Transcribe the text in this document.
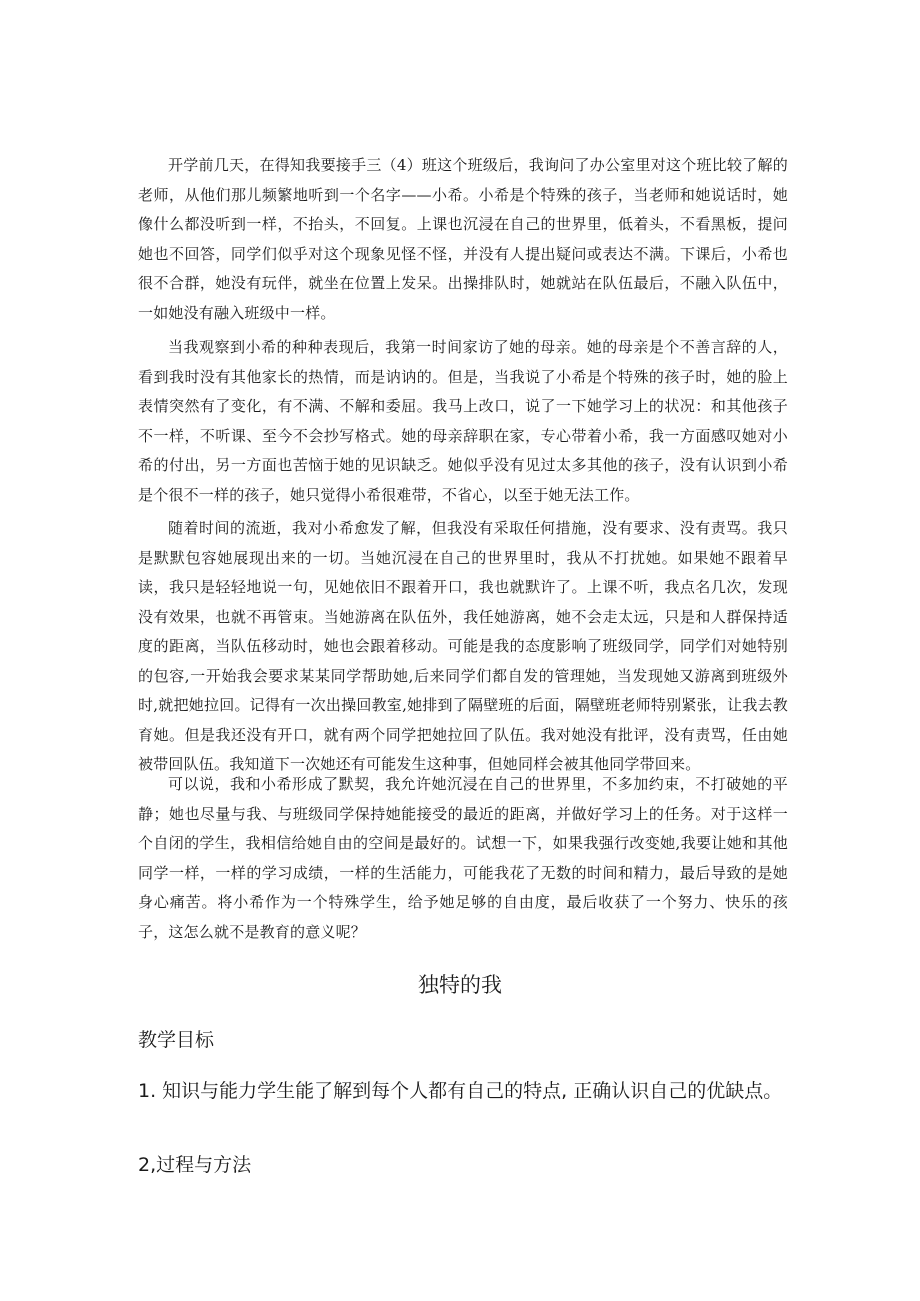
开学前几天，在得知我要接手三（4）班这个班级后，我询问了办公室里对这个班比较了解的老师，从他们那儿频繁地听到一个名字——小希。小希是个特殊的孩子，当老师和她说话时，她像什么都没听到一样，不抬头，不回复。上课也沉浸在自己的世界里，低着头，不看黑板，提问她也不回答，同学们似乎对这个现象见怪不怪，并没有人提出疑问或表达不满。下课后，小希也很不合群，她没有玩伴，就坐在位置上发呆。出操排队时，她就站在队伍最后，不融入队伍中，一如她没有融入班级中一样。

当我观察到小希的种种表现后，我第一时间家访了她的母亲。她的母亲是个不善言辞的人，看到我时没有其他家长的热情，而是讷讷的。但是，当我说了小希是个特殊的孩子时，她的脸上表情突然有了变化，有不满、不解和委屈。我马上改口，说了一下她学习上的状况：和其他孩子不一样，不听课、至今不会抄写格式。她的母亲辞职在家，专心带着小希，我一方面感叹她对小希的付出，另一方面也苦恼于她的见识缺乏。她似乎没有见过太多其他的孩子，没有认识到小希是个很不一样的孩子，她只觉得小希很难带，不省心，以至于她无法工作。

随着时间的流逝，我对小希愈发了解，但我没有采取任何措施，没有要求、没有责骂。我只是默默包容她展现出来的一切。当她沉浸在自己的世界里时，我从不打扰她。如果她不跟着早读，我只是轻轻地说一句，见她依旧不跟着开口，我也就默许了。上课不听，我点名几次，发现没有效果，也就不再管束。当她游离在队伍外，我任她游离，她不会走太远，只是和人群保持适度的距离，当队伍移动时，她也会跟着移动。可能是我的态度影响了班级同学，同学们对她特别的包容,一开始我会要求某某同学帮助她,后来同学们都自发的管理她，当发现她又游离到班级外时,就把她拉回。记得有一次出操回教室,她排到了隔壁班的后面，隔壁班老师特别紧张，让我去教育她。但是我还没有开口，就有两个同学把她拉回了队伍。我对她没有批评，没有责骂，任由她被带回队伍。我知道下一次她还有可能发生这种事，但她同样会被其他同学带回来。

可以说，我和小希形成了默契，我允许她沉浸在自己的世界里，不多加约束，不打破她的平静；她也尽量与我、与班级同学保持她能接受的最近的距离，并做好学习上的任务。对于这样一个自闭的学生，我相信给她自由的空间是最好的。试想一下，如果我强行改变她,我要让她和其他同学一样，一样的学习成绩，一样的生活能力，可能我花了无数的时间和精力，最后导致的是她身心痛苦。将小希作为一个特殊学生，给予她足够的自由度，最后收获了一个努力、快乐的孩子，这怎么就不是教育的意义呢？

独特的我
教学目标

1. 知识与能力学生能了解到每个人都有自己的特点, 正确认识自己的优缺点。

2,过程与方法
